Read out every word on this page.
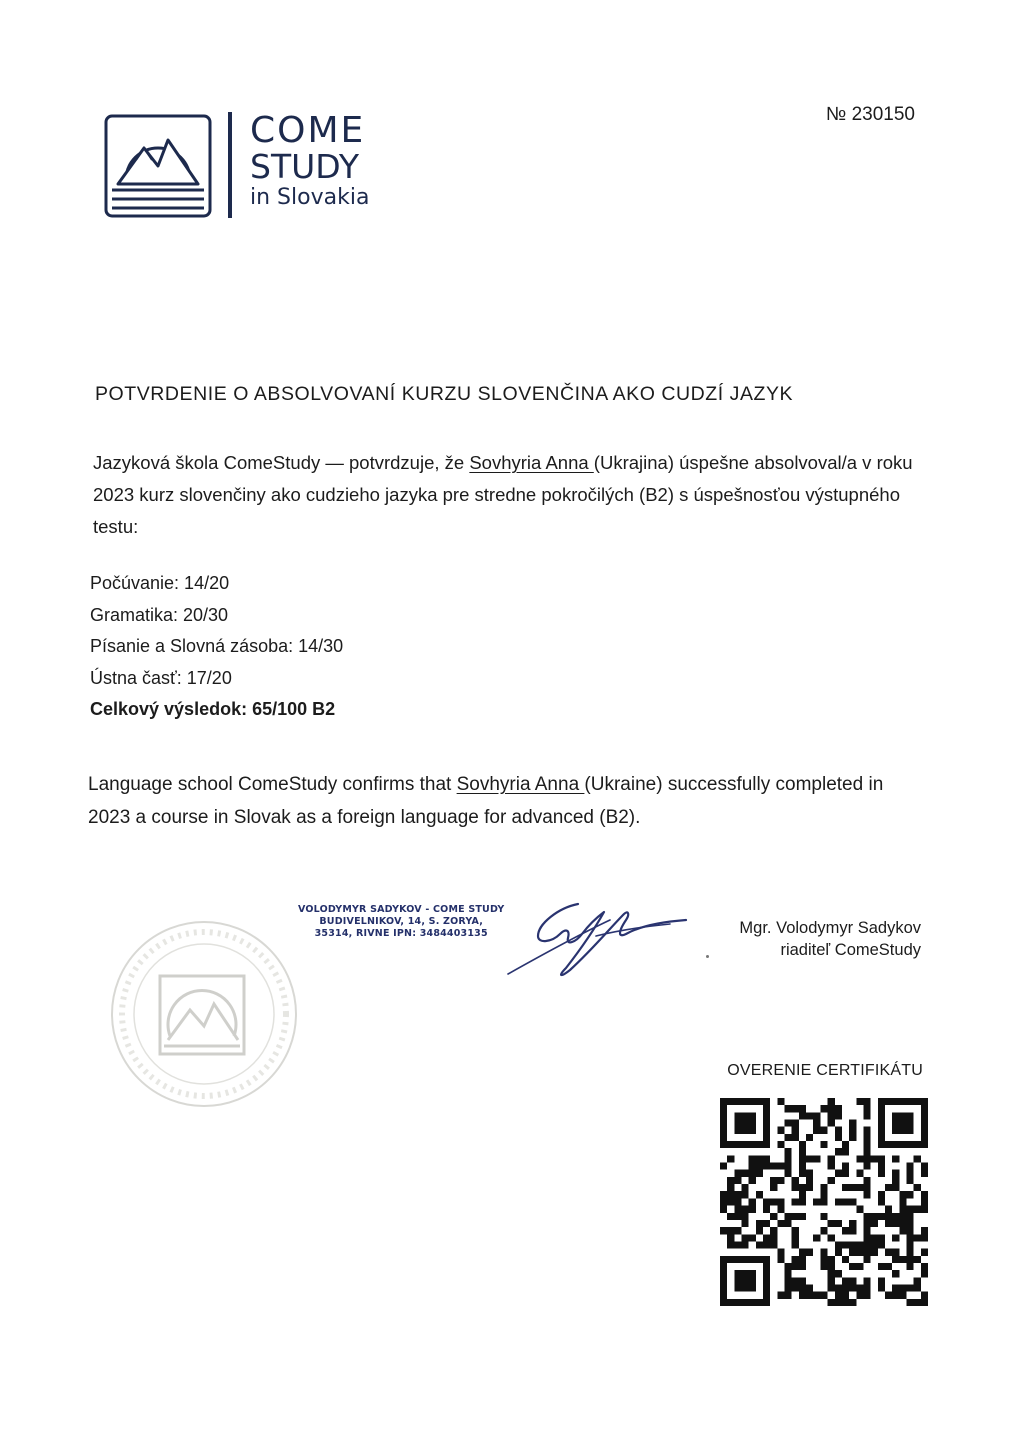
COME
STUDY
in Slovakia
№ 230150
POTVRDENIE O ABSOLVOVANÍ KURZU SLOVENČINA AKO CUDZÍ JAZYK
Jazyková škola ComeStudy — potvrdzuje, že Sovhyria Anna (Ukrajina) úspešne absolvoval/a v roku 2023 kurz slovenčiny ako cudzieho jazyka pre stredne pokročilých (B2) s úspešnosťou výstupného testu:
Počúvanie: 14/20
Gramatika: 20/30
Písanie a Slovná zásoba: 14/30
Ústna časť: 17/20
Celkový výsledok: 65/100 B2
Language school ComeStudy confirms that Sovhyria Anna (Ukraine) successfully completed in 2023 a course in Slovak as a foreign language for advanced (B2).
VOLODYMYR SADYKOV - COME STUDY
BUDIVELNIKOV, 14, S. ZORYA,
35314, RIVNE IPN: 3484403135	Mgr. Volodymyr Sadykov
riaditeľ ComeStudy
OVERENIE CERTIFIKÁTU
